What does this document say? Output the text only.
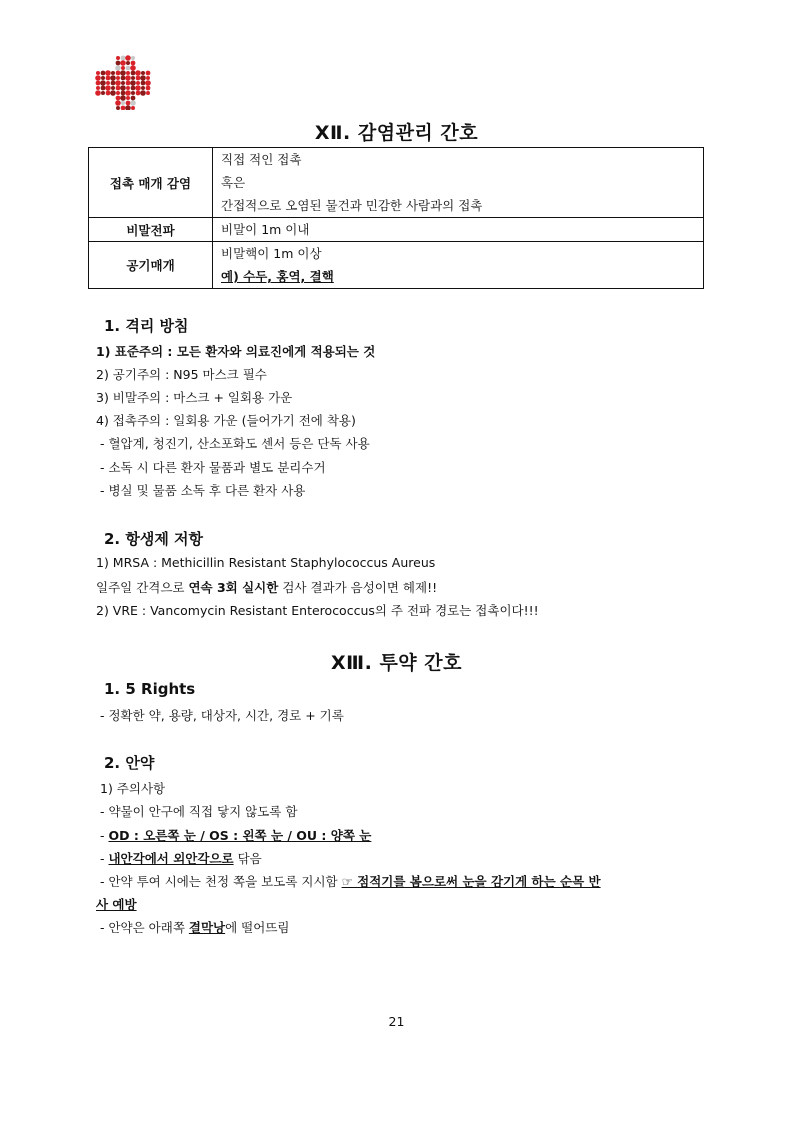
ⅩⅡ. 감염관리 간호
접촉 매개 감염	직접 적인 접촉
혹은
간접적으로 오염된 물건과 민감한 사람과의 접촉

비말전파	비말이 1m 이내

공기매개	비말핵이 1m 이상
예) 수두, 홍역, 결핵
1. 격리 방침
1) 표준주의 : 모든 환자와 의료진에게 적용되는 것
2) 공기주의 : N95 마스크 필수
3) 비말주의 : 마스크 + 일회용 가운
4) 접촉주의 : 일회용 가운 (들어가기 전에 착용)
- 혈압계, 청진기, 산소포화도 센서 등은 단독 사용
- 소독 시 다른 환자 물품과 별도 분리수거
- 병실 및 물품 소독 후 다른 환자 사용
2. 항생제 저항
1) MRSA : Methicillin Resistant Staphylococcus Aureus
일주일 간격으로 연속 3회 실시한 검사 결과가 음성이면 헤제!!
2) VRE : Vancomycin Resistant Enterococcus의 주 전파 경로는 접촉이다!!!
ⅩⅢ. 투약 간호
1. 5 Rights
- 정확한 약, 용량, 대상자, 시간, 경로 + 기록
2. 안약
1) 주의사항
- 약물이 안구에 직접 닿지 않도록 함
- OD : 오른쪽 눈 / OS : 왼쪽 눈 / OU : 양쪽 눈
- 내안각에서 외안각으로 닦음
- 안약 투여 시에는 천정 쪽을 보도록 지시함 ☞ 점적기를 봄으로써 눈을 감기게 하는 순목 반
사 예방
- 안약은 아래쪽 결막낭에 떨어뜨림
21
